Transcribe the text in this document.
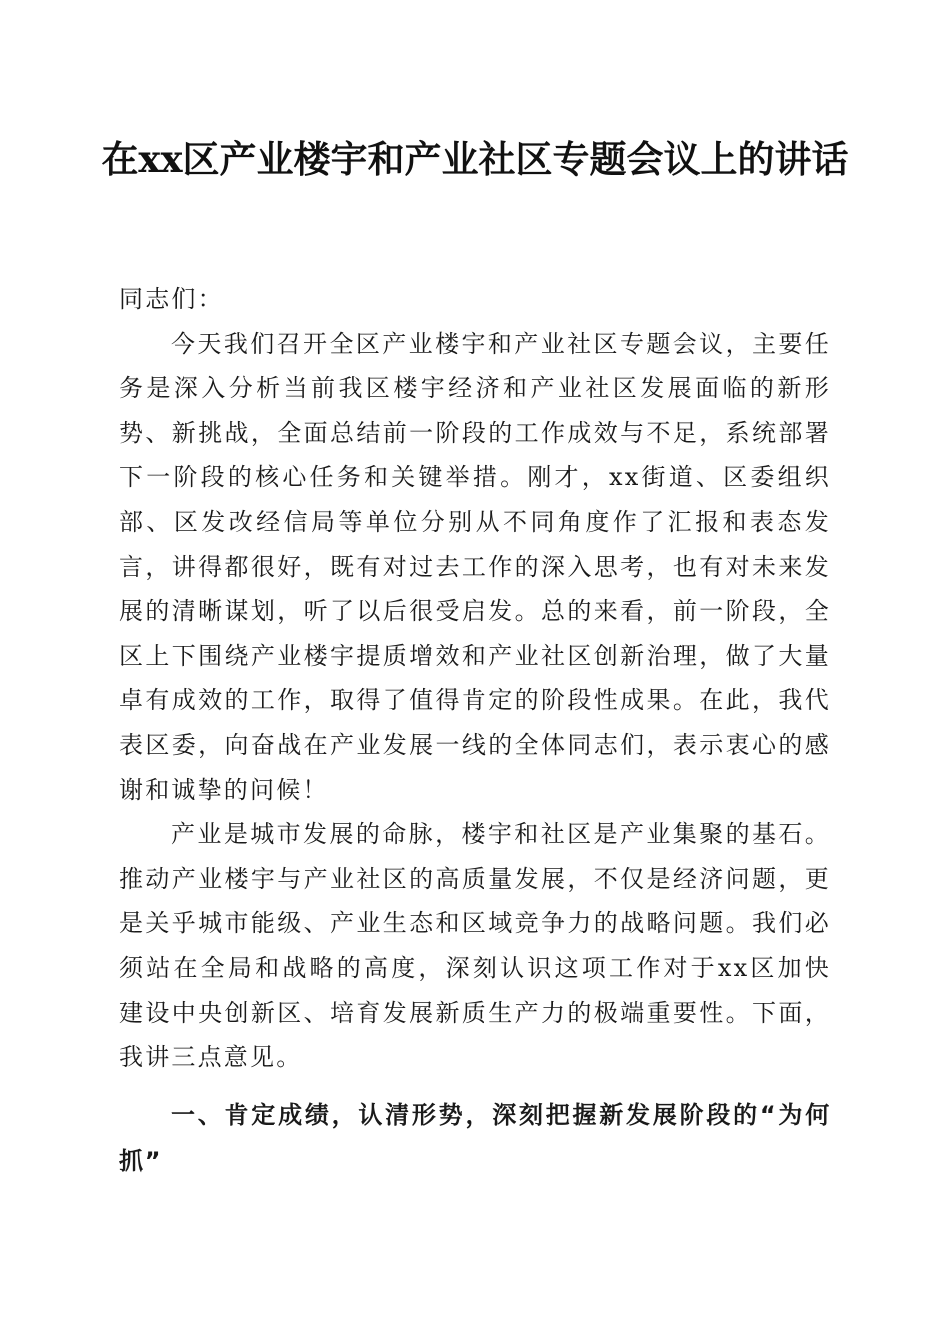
在xx区产业楼宇和产业社区专题会议上的讲话

同志们：

今天我们召开全区产业楼宇和产业社区专题会议，主要任务是深入分析当前我区楼宇经济和产业社区发展面临的新形势、新挑战，全面总结前一阶段的工作成效与不足，系统部署下一阶段的核心任务和关键举措。刚才，xx街道、区委组织部、区发改经信局等单位分别从不同角度作了汇报和表态发言，讲得都很好，既有对过去工作的深入思考，也有对未来发展的清晰谋划，听了以后很受启发。总的来看，前一阶段，全区上下围绕产业楼宇提质增效和产业社区创新治理，做了大量卓有成效的工作，取得了值得肯定的阶段性成果。在此，我代表区委，向奋战在产业发展一线的全体同志们，表示衷心的感谢和诚挚的问候！

产业是城市发展的命脉，楼宇和社区是产业集聚的基石。推动产业楼宇与产业社区的高质量发展，不仅是经济问题，更是关乎城市能级、产业生态和区域竞争力的战略问题。我们必须站在全局和战略的高度，深刻认识这项工作对于xx区加快建设中央创新区、培育发展新质生产力的极端重要性。下面，我讲三点意见。

一、肯定成绩，认清形势，深刻把握新发展阶段的“为何抓”
